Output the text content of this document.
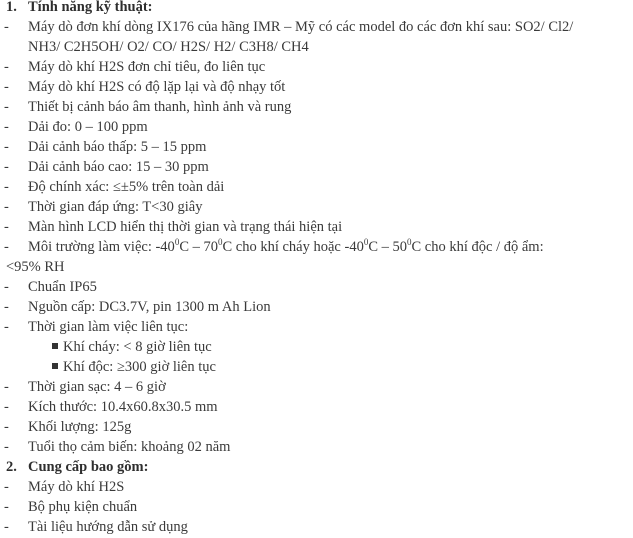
1. Tính năng kỹ thuật:
- Máy dò đơn khí dòng IX176 của hãng IMR – Mỹ có các model đo các đơn khí sau: SO2/ Cl2/
NH3/ C2H5OH/ O2/ CO/ H2S/ H2/ C3H8/ CH4
- Máy dò khí H2S đơn chỉ tiêu, đo liên tục
- Máy dò khí H2S có độ lặp lại và độ nhạy tốt
- Thiết bị cảnh báo âm thanh, hình ảnh và rung
- Dải đo: 0 – 100 ppm
- Dải cảnh báo thấp: 5 – 15 ppm
- Dải cảnh báo cao: 15 – 30 ppm
- Độ chính xác: ≤±5% trên toàn dải
- Thời gian đáp ứng: T<30 giây
- Màn hình LCD hiển thị thời gian và trạng thái hiện tại
- Môi trường làm việc: $-40^0C - 70^0C$ cho khí cháy hoặc $-40^0C - 50^0C$ cho khí độc / độ ẩm:
<95% RH
- Chuẩn IP65
- Nguồn cấp: DC3.7V, pin 1300 m Ah Lion
- Thời gian làm việc liên tục:
Khí cháy: < 8 giờ liên tục
Khí độc: ≥300 giờ liên tục
- Thời gian sạc: 4 – 6 giờ
- Kích thước: 10.4x60.8x30.5 mm
- Khối lượng: 125g
- Tuổi thọ cảm biến: khoảng 02 năm
2. Cung cấp bao gồm:
- Máy dò khí H2S
- Bộ phụ kiện chuẩn
- Tài liệu hướng dẫn sử dụng
